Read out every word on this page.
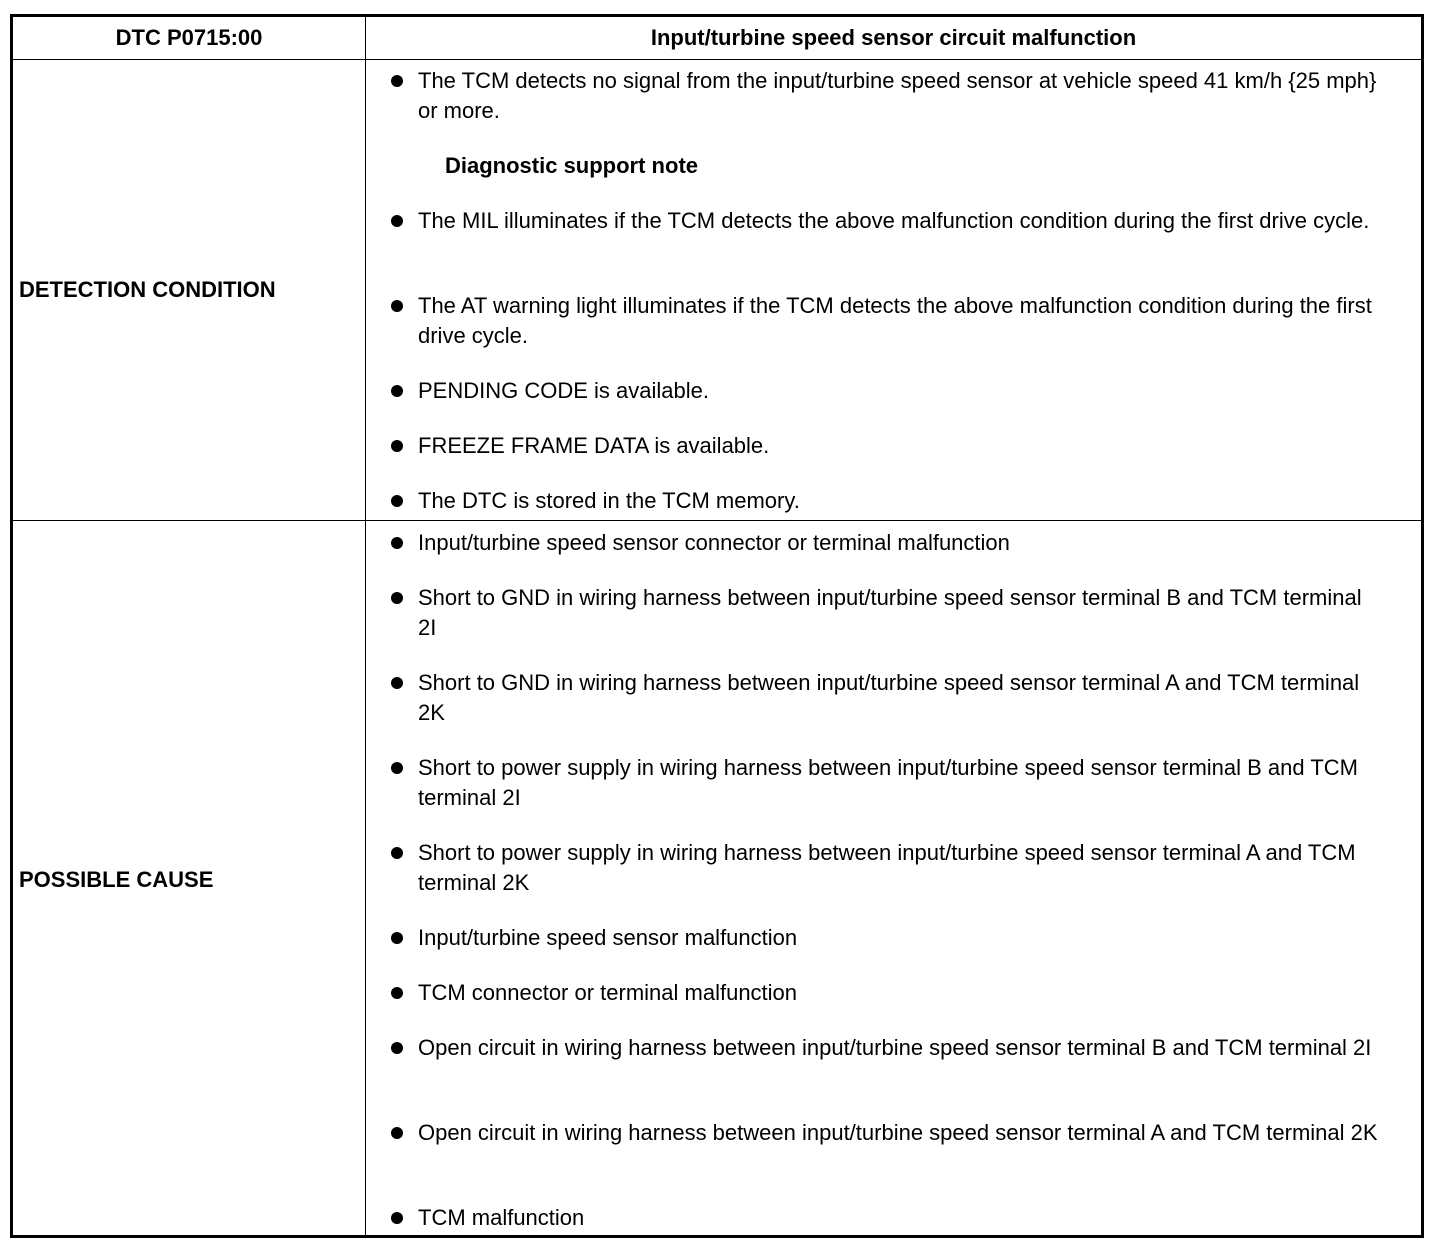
DTC P0715:00	Input/turbine speed sensor circuit malfunction
DETECTION CONDITION
The TCM detects no signal from the input/turbine speed sensor at vehicle speed 41 km/h {25 mph} or more.
Diagnostic support note
The MIL illuminates if the TCM detects the above malfunction condition during the first drive cycle.
The AT warning light illuminates if the TCM detects the above malfunction condition during the first drive cycle.
PENDING CODE is available.
FREEZE FRAME DATA is available.
The DTC is stored in the TCM memory.
POSSIBLE CAUSE
Input/turbine speed sensor connector or terminal malfunction
Short to GND in wiring harness between input/turbine speed sensor terminal B and TCM terminal 2I
Short to GND in wiring harness between input/turbine speed sensor terminal A and TCM terminal 2K
Short to power supply in wiring harness between input/turbine speed sensor terminal B and TCM terminal 2I
Short to power supply in wiring harness between input/turbine speed sensor terminal A and TCM terminal 2K
Input/turbine speed sensor malfunction
TCM connector or terminal malfunction
Open circuit in wiring harness between input/turbine speed sensor terminal B and TCM terminal 2I
Open circuit in wiring harness between input/turbine speed sensor terminal A and TCM terminal 2K
TCM malfunction
